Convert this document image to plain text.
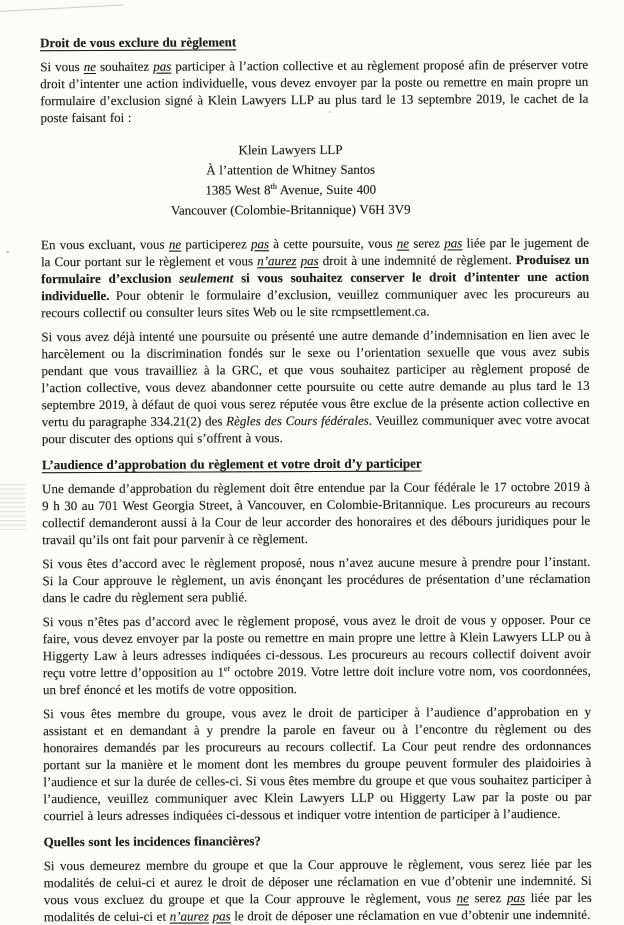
Droit de vous exclure du règlement

Si vous ne souhaitez pas participer à l’action collective et au règlement proposé afin de préserver votre droit d’intenter une action individuelle, vous devez envoyer par la poste ou remettre en main propre un formulaire d’exclusion signé à Klein Lawyers LLP au plus tard le 13 septembre 2019, le cachet de la poste faisant foi :

Klein Lawyers LLP
À l’attention de Whitney Santos
1385 West 8th Avenue, Suite 400
Vancouver (Colombie-Britannique) V6H 3V9

En vous excluant, vous ne participerez pas à cette poursuite, vous ne serez pas liée par le jugement de la Cour portant sur le règlement et vous n’aurez pas droit à une indemnité de règlement. Produisez un formulaire d’exclusion seulement si vous souhaitez conserver le droit d’intenter une action individuelle. Pour obtenir le formulaire d’exclusion, veuillez communiquer avec les procureurs au recours collectif ou consulter leurs sites Web ou le site rcmpsettlement.ca.

Si vous avez déjà intenté une poursuite ou présenté une autre demande d’indemnisation en lien avec le harcèlement ou la discrimination fondés sur le sexe ou l’orientation sexuelle que vous avez subis pendant que vous travailliez à la GRC, et que vous souhaitez participer au règlement proposé de l’action collective, vous devez abandonner cette poursuite ou cette autre demande au plus tard le 13 septembre 2019, à défaut de quoi vous serez réputée vous être exclue de la présente action collective en vertu du paragraphe 334.21(2) des Règles des Cours fédérales. Veuillez communiquer avec votre avocat pour discuter des options qui s’offrent à vous.

L’audience d’approbation du règlement et votre droit d’y participer

Une demande d’approbation du règlement doit être entendue par la Cour fédérale le 17 octobre 2019 à 9 h 30 au 701 West Georgia Street, à Vancouver, en Colombie-Britannique. Les procureurs au recours collectif demanderont aussi à la Cour de leur accorder des honoraires et des débours juridiques pour le travail qu’ils ont fait pour parvenir à ce règlement.

Si vous êtes d’accord avec le règlement proposé, nous n’avez aucune mesure à prendre pour l’instant. Si la Cour approuve le règlement, un avis énonçant les procédures de présentation d’une réclamation dans le cadre du règlement sera publié.

Si vous n’êtes pas d’accord avec le règlement proposé, vous avez le droit de vous y opposer. Pour ce faire, vous devez envoyer par la poste ou remettre en main propre une lettre à Klein Lawyers LLP ou à Higgerty Law à leurs adresses indiquées ci-dessous. Les procureurs au recours collectif doivent avoir reçu votre lettre d’opposition au 1er octobre 2019. Votre lettre doit inclure votre nom, vos coordonnées, un bref énoncé et les motifs de votre opposition.

Si vous êtes membre du groupe, vous avez le droit de participer à l’audience d’approbation en y assistant et en demandant à y prendre la parole en faveur ou à l’encontre du règlement ou des honoraires demandés par les procureurs au recours collectif. La Cour peut rendre des ordonnances portant sur la manière et le moment dont les membres du groupe peuvent formuler des plaidoiries à l’audience et sur la durée de celles-ci. Si vous êtes membre du groupe et que vous souhaitez participer à l’audience, veuillez communiquer avec Klein Lawyers LLP ou Higgerty Law par la poste ou par courriel à leurs adresses indiquées ci-dessous et indiquer votre intention de participer à l’audience.

Quelles sont les incidences financières?

Si vous demeurez membre du groupe et que la Cour approuve le règlement, vous serez liée par les modalités de celui-ci et aurez le droit de déposer une réclamation en vue d’obtenir une indemnité. Si vous vous excluez du groupe et que la Cour approuve le règlement, vous ne serez pas liée par les modalités de celui-ci et n’aurez pas le droit de déposer une réclamation en vue d’obtenir une indemnité.
